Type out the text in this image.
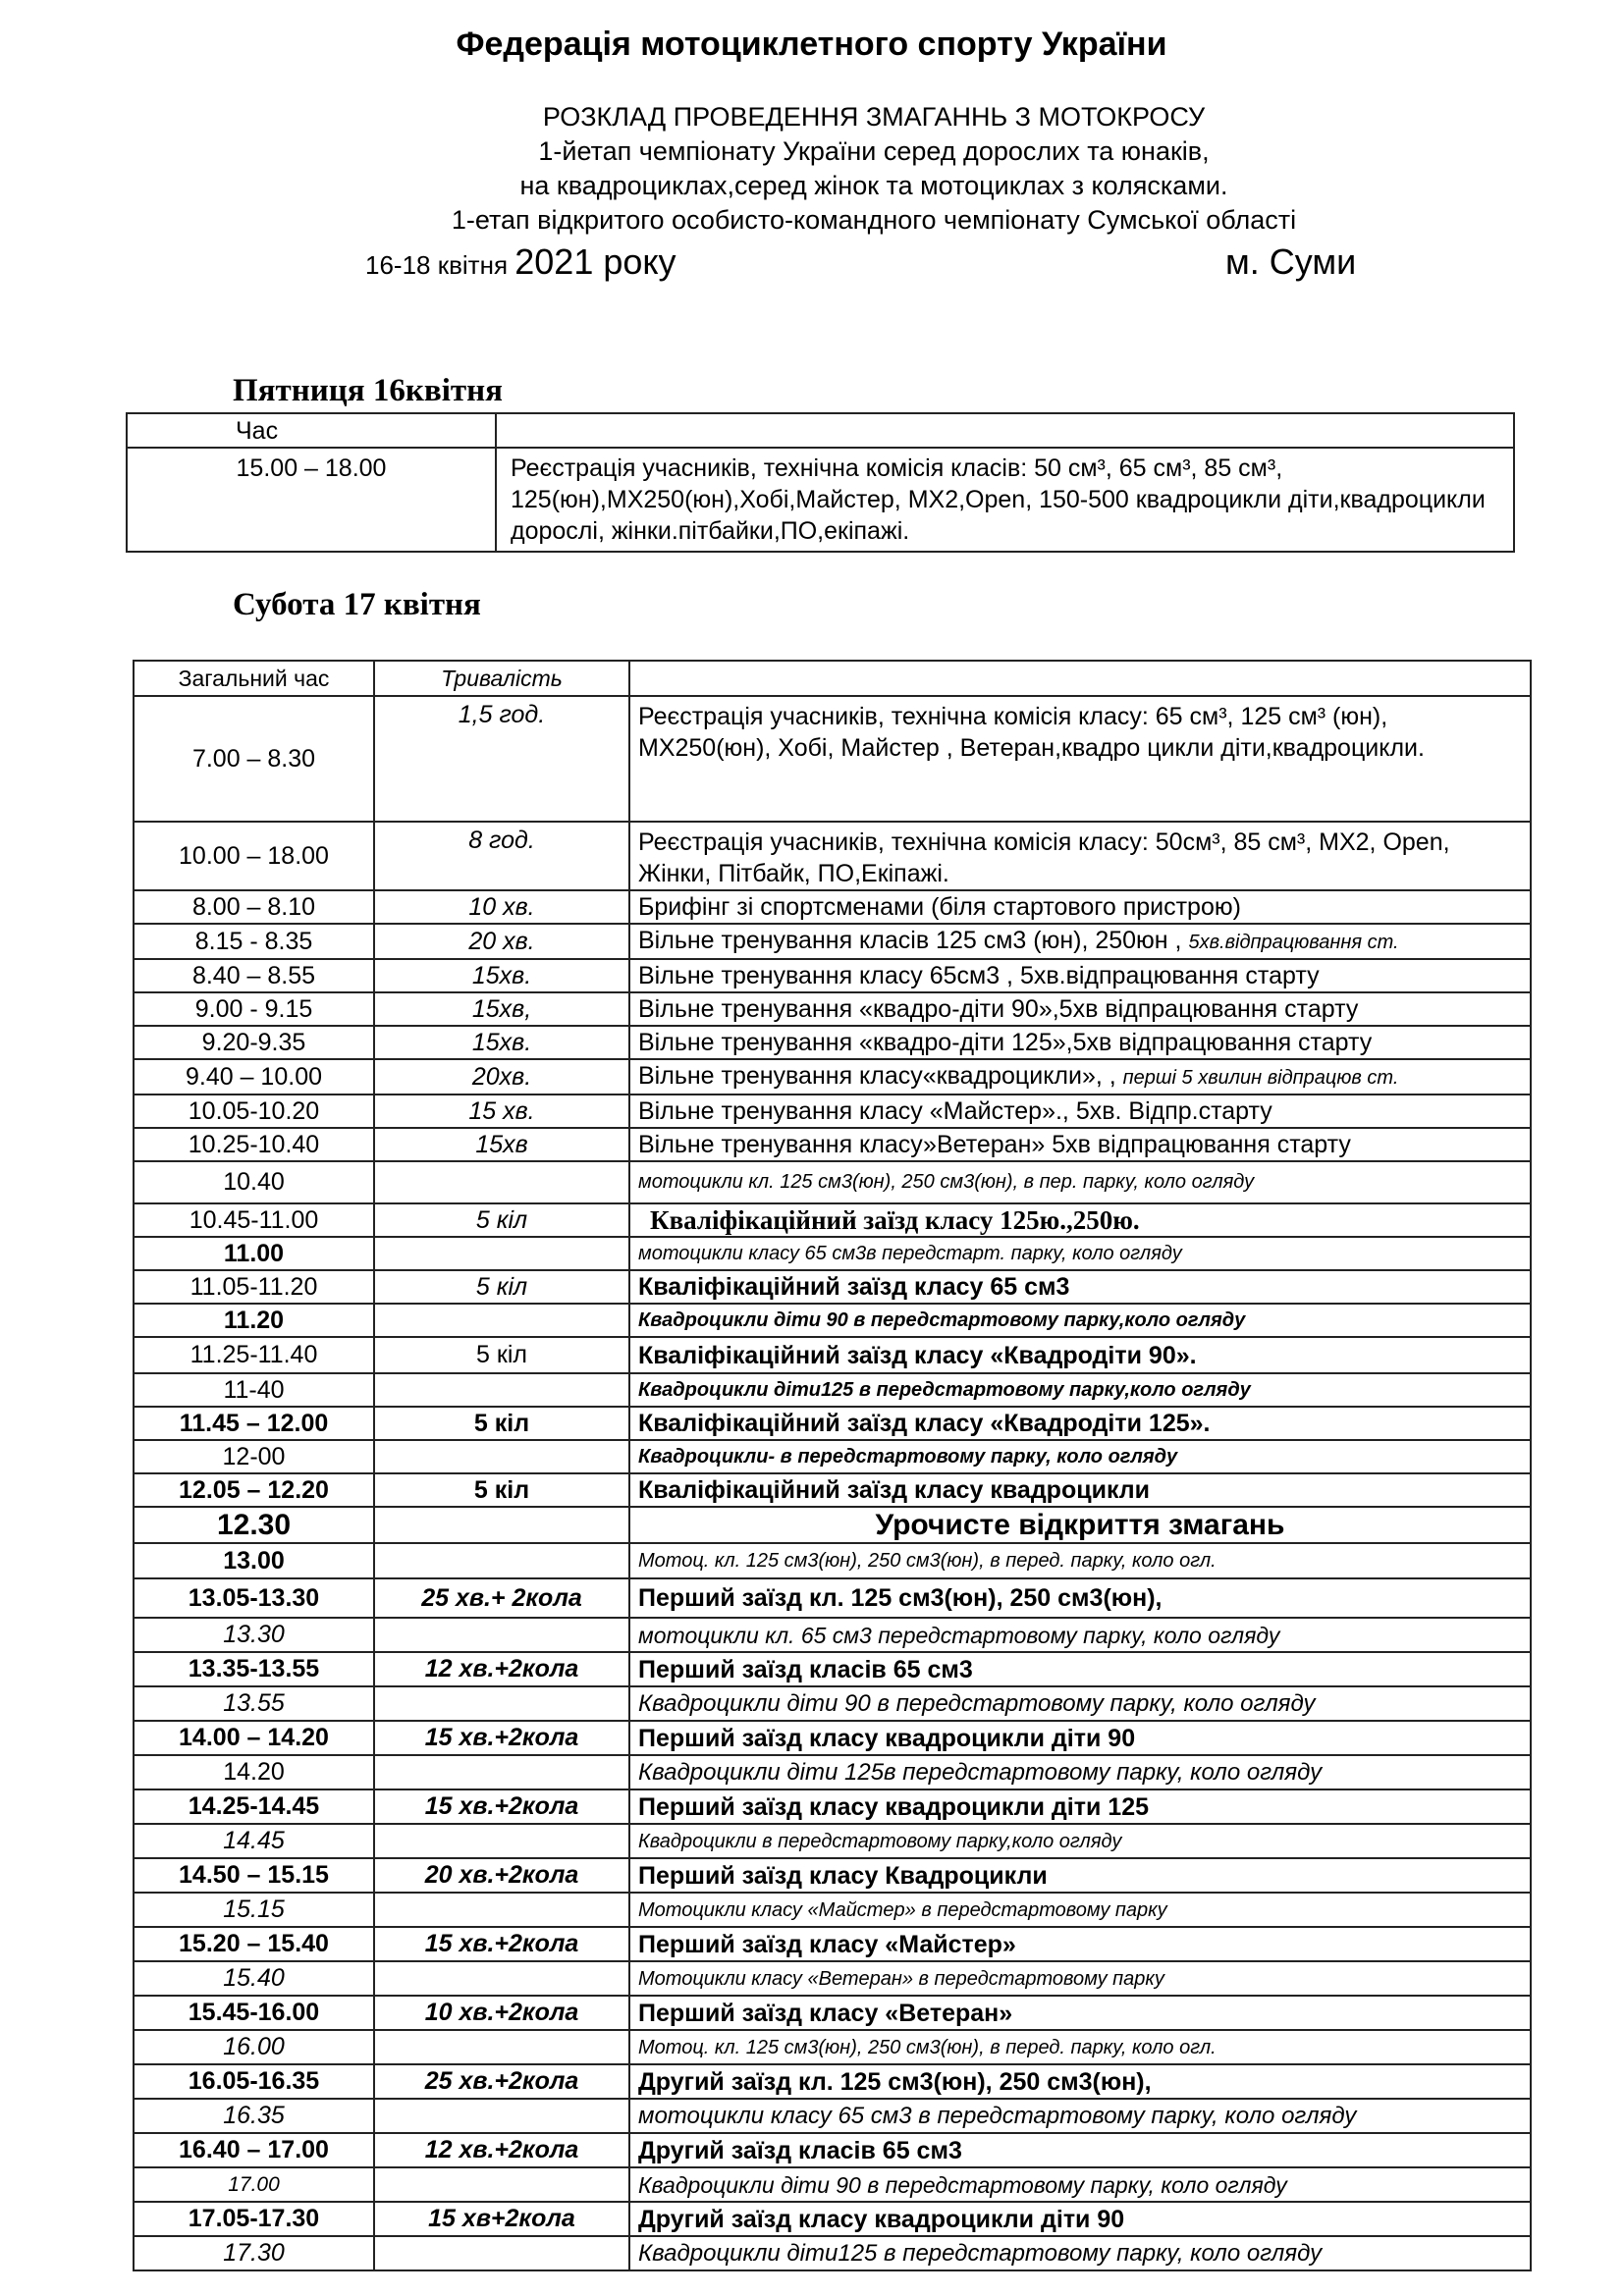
Федерація мотоциклетного спорту України
РОЗКЛАД ПРОВЕДЕННЯ ЗМАГАННЬ З МОТОКРОСУ
1-йетап чемпіонату України серед дорослих та юнаків,
на квадроциклах,серед жінок та мотоциклах з колясками.
1-етап відкритого особисто-командного чемпіонату Сумської області
16-18 квітня 2021 року	м. Суми
Пятниця 16квітня
Час	
15.00 – 18.00	Реєстрація учасників, технічна комісія класів: 50 см³, 65 см³, 85 см³, 125(юн),МХ250(юн),Хобі,Майстер, МХ2,Open, 150-500 квадроцикли діти,квадроцикли дорослі, жінки.пітбайки,ПО,екіпажі.
Субота 17 квітня
Загальний час	Тривалість	
7.00 – 8.30	1,5 год.	Реєстрація учасників, технічна комісія класу: 65 см³, 125 см³ (юн), МХ250(юн), Хобі, Майстер , Ветеран,квадро цикли діти,квадроцикли.
10.00 – 18.00	8 год.	Реєстрація учасників, технічна комісія класу: 50см³, 85 см³, МХ2, Open, Жінки, Пітбайк, ПО,Екіпажі.
8.00 – 8.10	10 хв.	Брифінг зі спортсменами (біля стартового пристрою)
8.15 - 8.35	20 хв.	Вільне тренування класів 125 см3 (юн), 250юн , 5хв.відпрацювання ст.
8.40 – 8.55	15хв.	Вільне тренування класу 65см3 , 5хв.відпрацювання старту
9.00 - 9.15	15хв,	Вільне тренування «квадро-діти 90»,5хв відпрацювання старту
9.20-9.35	15хв.	Вільне тренування «квадро-діти 125»,5хв відпрацювання старту
9.40 – 10.00	20хв.	Вільне тренування класу«квадроцикли», , перші 5 хвилин відпрацюв ст.
10.05-10.20	15 хв.	Вільне тренування класу «Майстер»., 5хв. Відпр.старту
10.25-10.40	15хв	Вільне тренування класу»Ветеран» 5хв відпрацювання старту
10.40		мотоцикли кл. 125 см3(юн), 250 см3(юн), в пер. парку, коло огляду
10.45-11.00	5 кіл	Кваліфікаційний заїзд класу 125ю.,250ю.
11.00		мотоцикли класу 65 см3в передстарт. парку, коло огляду
11.05-11.20	5 кіл	Кваліфікаційний заїзд класу 65 см3
11.20		Квадроцикли діти 90 в передстартовому парку,коло огляду
11.25-11.40	5 кіл	Кваліфікаційний заїзд класу «Квадродіти 90».
11-40		Квадроцикли діти125 в передстартовому парку,коло огляду
11.45 – 12.00	5 кіл	Кваліфікаційний заїзд класу «Квадродіти 125».
12-00		Квадроцикли- в передстартовому парку, коло огляду
12.05 – 12.20	5 кіл	Кваліфікаційний заїзд класу квадроцикли
12.30		Урочисте відкриття змагань
13.00		Мотоц. кл. 125 см3(юн), 250 см3(юн), в перед. парку, коло огл.
13.05-13.30	25 хв.+ 2кола	Перший заїзд кл. 125 см3(юн), 250 см3(юн),
13.30		мотоцикли кл. 65 см3 передстартовому парку, коло огляду
13.35-13.55	12 хв.+2кола	Перший заїзд класів 65 см3
13.55		Квадроцикли діти 90 в передстартовому парку, коло огляду
14.00 – 14.20	15 хв.+2кола	Перший заїзд класу квадроцикли діти 90
14.20		Квадроцикли діти 125в передстартовому парку, коло огляду
14.25-14.45	15 хв.+2кола	Перший заїзд класу квадроцикли діти 125
14.45		Квадроцикли в передстартовому парку,коло огляду
14.50 – 15.15	20 хв.+2кола	Перший заїзд класу Квадроцикли
15.15		Мотоцикли класу «Майстер» в передстартовому парку
15.20 – 15.40	15 хв.+2кола	Перший заїзд класу «Майстер»
15.40		Мотоцикли класу «Ветеран» в передстартовому парку
15.45-16.00	10 хв.+2кола	Перший заїзд класу «Ветеран»
16.00		Мотоц. кл. 125 см3(юн), 250 см3(юн), в перед. парку, коло огл.
16.05-16.35	25 хв.+2кола	Другий заїзд кл. 125 см3(юн), 250 см3(юн),
16.35		мотоцикли класу 65 см3 в передстартовому парку, коло огляду
16.40 – 17.00	12 хв.+2кола	Другий заїзд класів 65 см3
17.00		Квадроцикли діти 90 в передстартовому парку, коло огляду
17.05-17.30	15 хв+2кола	Другий заїзд класу квадроцикли діти 90
17.30		Квадроцикли діти125 в передстартовому парку, коло огляду
